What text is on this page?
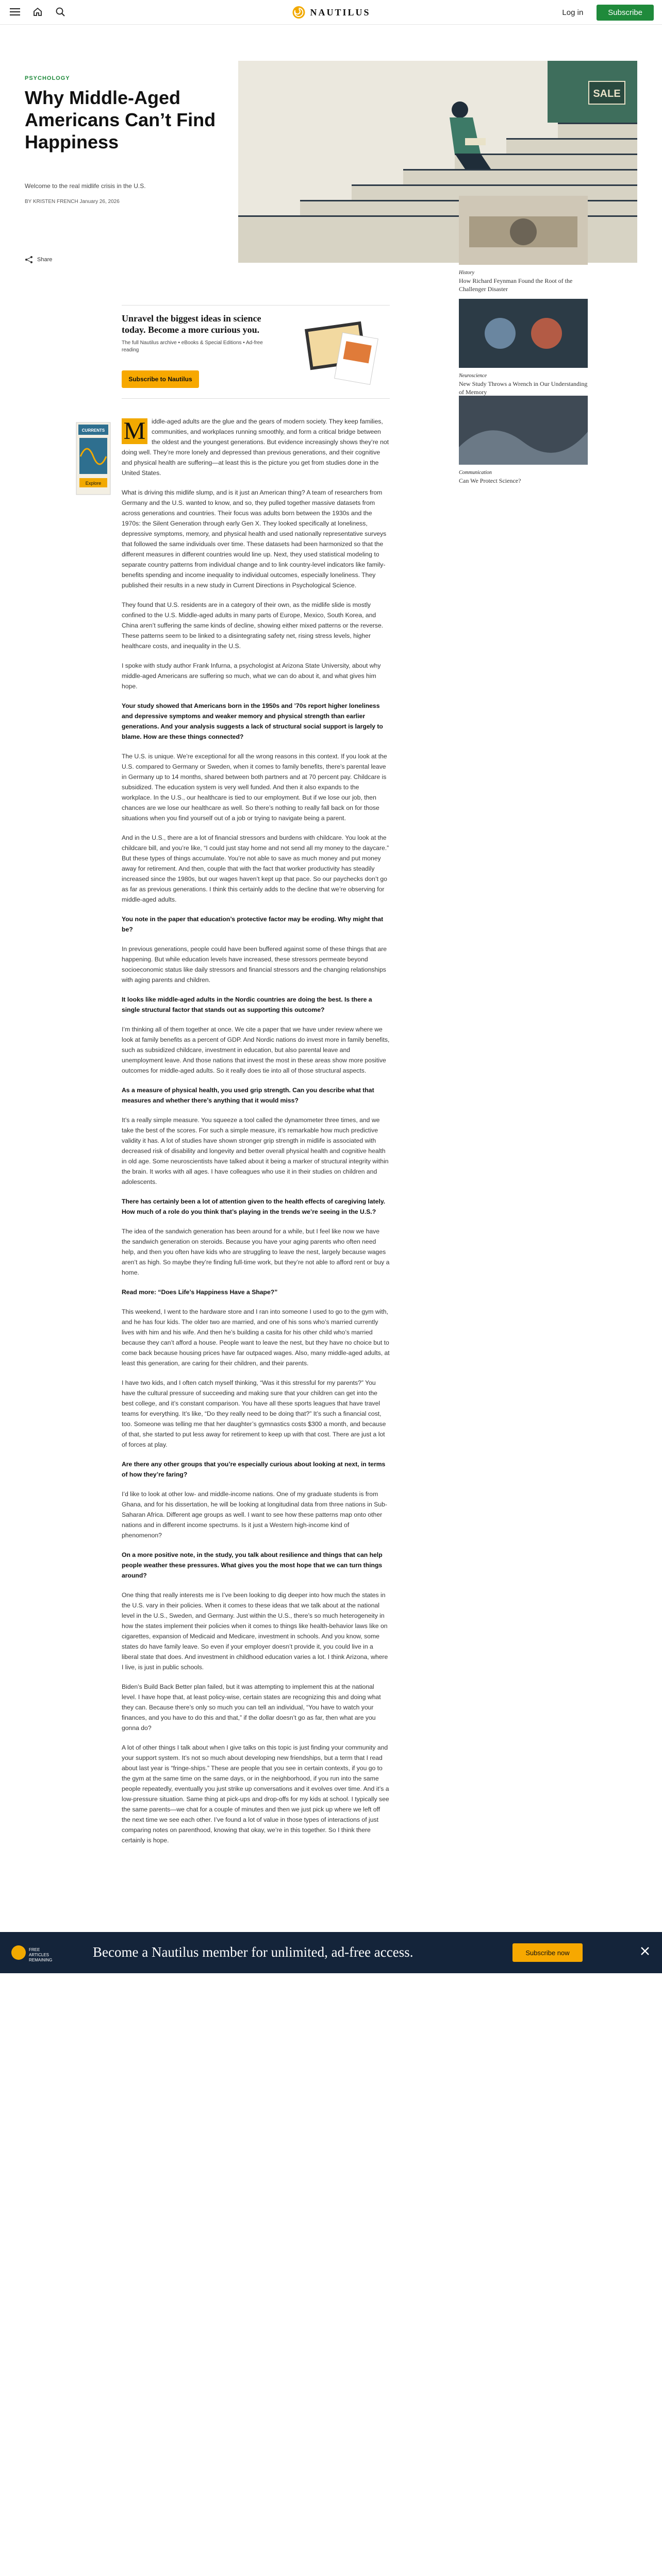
NAUTILUS	Log in	Subscribe
PSYCHOLOGY
Why Middle-Aged Americans Can’t Find Happiness
Welcome to the real midlife crisis in the U.S.
BY KRISTEN FRENCH January 26, 2026
Share
SALE
Unravel the biggest ideas in science today. Become a more curious you.
The full Nautilus archive • eBooks & Special Editions • Ad-free reading
Subscribe to Nautilus
CURRENTS
Explore
History
How Richard Feynman Found the Root of the Challenger Disaster
Neuroscience
New Study Throws a Wrench in Our Understanding of Memory
Communication
Can We Protect Science?
M iddle-aged adults are the glue and the gears of modern society. They keep families, communities, and workplaces running smoothly, and form a critical bridge between the oldest and the youngest generations. But evidence increasingly shows they’re not doing well. They’re more lonely and depressed than previous generations, and their cognitive and physical health are suffering—at least this is the picture you get from studies done in the United States.

What is driving this midlife slump, and is it just an American thing? A team of researchers from Germany and the U.S. wanted to know, and so, they pulled together massive datasets from across generations and countries. Their focus was adults born between the 1930s and the 1970s: the Silent Generation through early Gen X. They looked specifically at loneliness, depressive symptoms, memory, and physical health and used nationally representative surveys that followed the same individuals over time. These datasets had been harmonized so that the different measures in different countries would line up. Next, they used statistical modeling to separate country patterns from individual change and to link country-level indicators like family-benefits spending and income inequality to individual outcomes, especially loneliness. They published their results in a new study in Current Directions in Psychological Science.

They found that U.S. residents are in a category of their own, as the midlife slide is mostly confined to the U.S. Middle-aged adults in many parts of Europe, Mexico, South Korea, and China aren’t suffering the same kinds of decline, showing either mixed patterns or the reverse. These patterns seem to be linked to a disintegrating safety net, rising stress levels, higher healthcare costs, and inequality in the U.S.

I spoke with study author Frank Infurna, a psychologist at Arizona State University, about why middle-aged Americans are suffering so much, what we can do about it, and what gives him hope.

Your study showed that Americans born in the 1950s and ’70s report higher loneliness and depressive symptoms and weaker memory and physical strength than earlier generations. And your analysis suggests a lack of structural social support is largely to blame. How are these things connected?

The U.S. is unique. We’re exceptional for all the wrong reasons in this context. If you look at the U.S. compared to Germany or Sweden, when it comes to family benefits, there’s parental leave in Germany up to 14 months, shared between both partners and at 70 percent pay. Childcare is subsidized. The education system is very well funded. And then it also expands to the workplace. In the U.S., our healthcare is tied to our employment. But if we lose our job, then chances are we lose our healthcare as well. So there’s nothing to really fall back on for those situations when you find yourself out of a job or trying to navigate being a parent.

And in the U.S., there are a lot of financial stressors and burdens with childcare. You look at the childcare bill, and you’re like, “I could just stay home and not send all my money to the daycare.” But these types of things accumulate. You’re not able to save as much money and put money away for retirement. And then, couple that with the fact that worker productivity has steadily increased since the 1980s, but our wages haven’t kept up that pace. So our paychecks don’t go as far as previous generations. I think this certainly adds to the decline that we’re observing for middle-aged adults.

You note in the paper that education’s protective factor may be eroding. Why might that be?

In previous generations, people could have been buffered against some of these things that are happening. But while education levels have increased, these stressors permeate beyond socioeconomic status like daily stressors and financial stressors and the changing relationships with aging parents and children.

It looks like middle-aged adults in the Nordic countries are doing the best. Is there a single structural factor that stands out as supporting this outcome?

I’m thinking all of them together at once. We cite a paper that we have under review where we look at family benefits as a percent of GDP. And Nordic nations do invest more in family benefits, such as subsidized childcare, investment in education, but also parental leave and unemployment leave. And those nations that invest the most in these areas show more positive outcomes for middle-aged adults. So it really does tie into all of those structural aspects.

As a measure of physical health, you used grip strength. Can you describe what that measures and whether there’s anything that it would miss?

It’s a really simple measure. You squeeze a tool called the dynamometer three times, and we take the best of the scores. For such a simple measure, it’s remarkable how much predictive validity it has. A lot of studies have shown stronger grip strength in midlife is associated with decreased risk of disability and longevity and better overall physical health and cognitive health in old age. Some neuroscientists have talked about it being a marker of structural integrity within the brain. It works with all ages. I have colleagues who use it in their studies on children and adolescents.

There has certainly been a lot of attention given to the health effects of caregiving lately. How much of a role do you think that’s playing in the trends we’re seeing in the U.S.?

The idea of the sandwich generation has been around for a while, but I feel like now we have the sandwich generation on steroids. Because you have your aging parents who often need help, and then you often have kids who are struggling to leave the nest, largely because wages aren’t as high. So maybe they’re finding full-time work, but they’re not able to afford rent or buy a home.

Read more: “Does Life’s Happiness Have a Shape?”

This weekend, I went to the hardware store and I ran into someone I used to go to the gym with, and he has four kids. The older two are married, and one of his sons who’s married currently lives with him and his wife. And then he’s building a casita for his other child who’s married because they can’t afford a house. People want to leave the nest, but they have no choice but to come back because housing prices have far outpaced wages. Also, many middle-aged adults, at least this generation, are caring for their children, and their parents.

I have two kids, and I often catch myself thinking, “Was it this stressful for my parents?” You have the cultural pressure of succeeding and making sure that your children can get into the best college, and it’s constant comparison. You have all these sports leagues that have travel teams for everything. It’s like, “Do they really need to be doing that?” It’s such a financial cost, too. Someone was telling me that her daughter’s gymnastics costs $300 a month, and because of that, she started to put less away for retirement to keep up with that cost. There are just a lot of forces at play.

Are there any other groups that you’re especially curious about looking at next, in terms of how they’re faring?

I’d like to look at other low- and middle-income nations. One of my graduate students is from Ghana, and for his dissertation, he will be looking at longitudinal data from three nations in Sub-Saharan Africa. Different age groups as well. I want to see how these patterns map onto other nations and in different income spectrums. Is it just a Western high-income kind of phenomenon?

On a more positive note, in the study, you talk about resilience and things that can help people weather these pressures. What gives you the most hope that we can turn things around?

One thing that really interests me is I’ve been looking to dig deeper into how much the states in the U.S. vary in their policies. When it comes to these ideas that we talk about at the national level in the U.S., Sweden, and Germany. Just within the U.S., there’s so much heterogeneity in how the states implement their policies when it comes to things like health-behavior laws like on cigarettes, expansion of Medicaid and Medicare, investment in schools. And you know, some states do have family leave. So even if your employer doesn’t provide it, you could live in a liberal state that does. And investment in childhood education varies a lot. I think Arizona, where I live, is just in public schools.

Biden’s Build Back Better plan failed, but it was attempting to implement this at the national level. I have hope that, at least policy-wise, certain states are recognizing this and doing what they can. Because there’s only so much you can tell an individual, “You have to watch your finances, and you have to do this and that,” if the dollar doesn’t go as far, then what are you gonna do?

A lot of other things I talk about when I give talks on this topic is just finding your community and your support system. It’s not so much about developing new friendships, but a term that I read about last year is “fringe-ships.” These are people that you see in certain contexts, if you go to the gym at the same time on the same days, or in the neighborhood, if you run into the same people repeatedly, eventually you just strike up conversations and it evolves over time. And it’s a low-pressure situation. Same thing at pick-ups and drop-offs for my kids at school. I typically see the same parents—we chat for a couple of minutes and then we just pick up where we left off the next time we see each other. I’ve found a lot of value in those types of interactions of just comparing notes on parenthood, knowing that okay, we’re in this together. So I think there certainly is hope.

FREE ARTICLES REMAINING
Become a Nautilus member for unlimited, ad-free access.	Subscribe now
